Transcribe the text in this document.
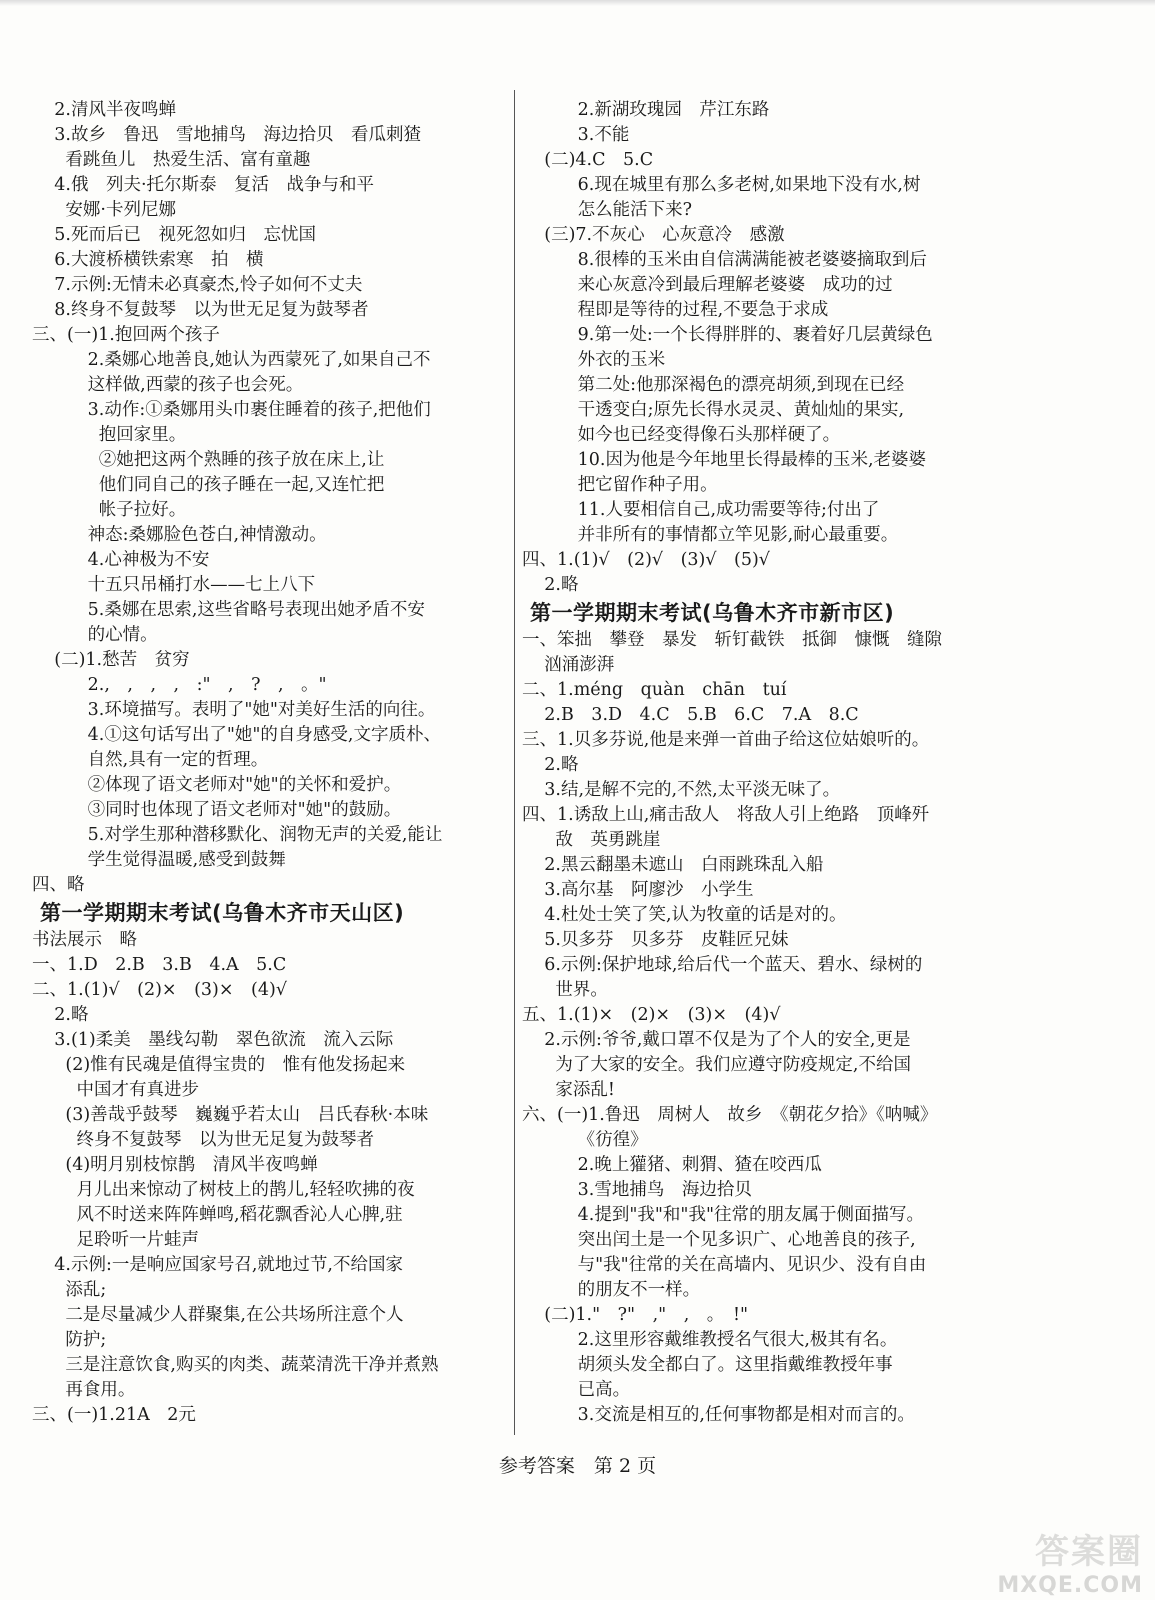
2.清风半夜鸣蝉
3.故乡　鲁迅　雪地捕鸟　海边拾贝　看瓜刺猹
看跳鱼儿　热爱生活、富有童趣
4.俄　列夫·托尔斯泰　复活　战争与和平
安娜·卡列尼娜
5.死而后已　视死忽如归　忘忧国
6.大渡桥横铁索寒　拍　横
7.示例:无情未必真豪杰,怜子如何不丈夫
8.终身不复鼓琴　以为世无足复为鼓琴者
三、(一)1.抱回两个孩子
2.桑娜心地善良,她认为西蒙死了,如果自己不
这样做,西蒙的孩子也会死。
3.动作:①桑娜用头巾裹住睡着的孩子,把他们
抱回家里。
②她把这两个熟睡的孩子放在床上,让
他们同自己的孩子睡在一起,又连忙把
帐子拉好。
神态:桑娜脸色苍白,神情激动。
4.心神极为不安
十五只吊桶打水——七上八下
5.桑娜在思索,这些省略号表现出她矛盾不安
的心情。
(二)1.愁苦　贫穷
2.,　,　,　,　:"　,　?　,　。"
3.环境描写。表明了"她"对美好生活的向往。
4.①这句话写出了"她"的自身感受,文字质朴、
自然,具有一定的哲理。
②体现了语文老师对"她"的关怀和爱护。
③同时也体现了语文老师对"她"的鼓励。
5.对学生那种潜移默化、润物无声的关爱,能让
学生觉得温暖,感受到鼓舞
四、略
第一学期期末考试(乌鲁木齐市天山区)
书法展示　略
一、1.D　2.B　3.B　4.A　5.C
二、1.(1)√　(2)×　(3)×　(4)√
2.略
3.(1)柔美　墨线勾勒　翠色欲流　流入云际
(2)惟有民魂是值得宝贵的　惟有他发扬起来
中国才有真进步
(3)善哉乎鼓琴　巍巍乎若太山　吕氏春秋·本味
终身不复鼓琴　以为世无足复为鼓琴者
(4)明月别枝惊鹊　清风半夜鸣蝉
月儿出来惊动了树枝上的鹊儿,轻轻吹拂的夜
风不时送来阵阵蝉鸣,稻花飘香沁人心脾,驻
足聆听一片蛙声
4.示例:一是响应国家号召,就地过节,不给国家
添乱;
二是尽量减少人群聚集,在公共场所注意个人
防护;
三是注意饮食,购买的肉类、蔬菜清洗干净并煮熟
再食用。
三、(一)1.21A　2元
2.新湖玫瑰园　芹江东路
3.不能
(二)4.C　5.C
6.现在城里有那么多老树,如果地下没有水,树
怎么能活下来?
(三)7.不灰心　心灰意冷　感激
8.很棒的玉米由自信满满能被老婆婆摘取到后
来心灰意冷到最后理解老婆婆　成功的过
程即是等待的过程,不要急于求成
9.第一处:一个长得胖胖的、裹着好几层黄绿色
外衣的玉米
第二处:他那深褐色的漂亮胡须,到现在已经
干透变白;原先长得水灵灵、黄灿灿的果实,
如今也已经变得像石头那样硬了。
10.因为他是今年地里长得最棒的玉米,老婆婆
把它留作种子用。
11.人要相信自己,成功需要等待;付出了
并非所有的事情都立竿见影,耐心最重要。
四、1.(1)√　(2)√　(3)√　(5)√
2.略
第一学期期末考试(乌鲁木齐市新市区)
一、笨拙　攀登　暴发　斩钉截铁　抵御　慷慨　缝隙
汹涌澎湃
二、1.méng　quàn　chān　tuí
2.B　3.D　4.C　5.B　6.C　7.A　8.C
三、1.贝多芬说,他是来弹一首曲子给这位姑娘听的。
2.略
3.结,是解不完的,不然,太平淡无味了。
四、1.诱敌上山,痛击敌人　将敌人引上绝路　顶峰歼
敌　英勇跳崖
2.黑云翻墨未遮山　白雨跳珠乱入船
3.高尔基　阿廖沙　小学生
4.杜处士笑了笑,认为牧童的话是对的。
5.贝多芬　贝多芬　皮鞋匠兄妹
6.示例:保护地球,给后代一个蓝天、碧水、绿树的
世界。
五、1.(1)×　(2)×　(3)×　(4)√
2.示例:爷爷,戴口罩不仅是为了个人的安全,更是
为了大家的安全。我们应遵守防疫规定,不给国
家添乱!
六、(一)1.鲁迅　周树人　故乡　《朝花夕拾》《呐喊》
《彷徨》
2.晚上獾猪、刺猬、猹在咬西瓜
3.雪地捕鸟　海边拾贝
4.提到"我"和"我"往常的朋友属于侧面描写。
突出闰土是一个见多识广、心地善良的孩子,
与"我"往常的关在高墙内、见识少、没有自由
的朋友不一样。
(二)1."　?"　,"　,　。　!"
2.这里形容戴维教授名气很大,极其有名。
胡须头发全都白了。这里指戴维教授年事
已高。
3.交流是相互的,任何事物都是相对而言的。
参考答案　第 2 页
答案圈
MXQE.COM
